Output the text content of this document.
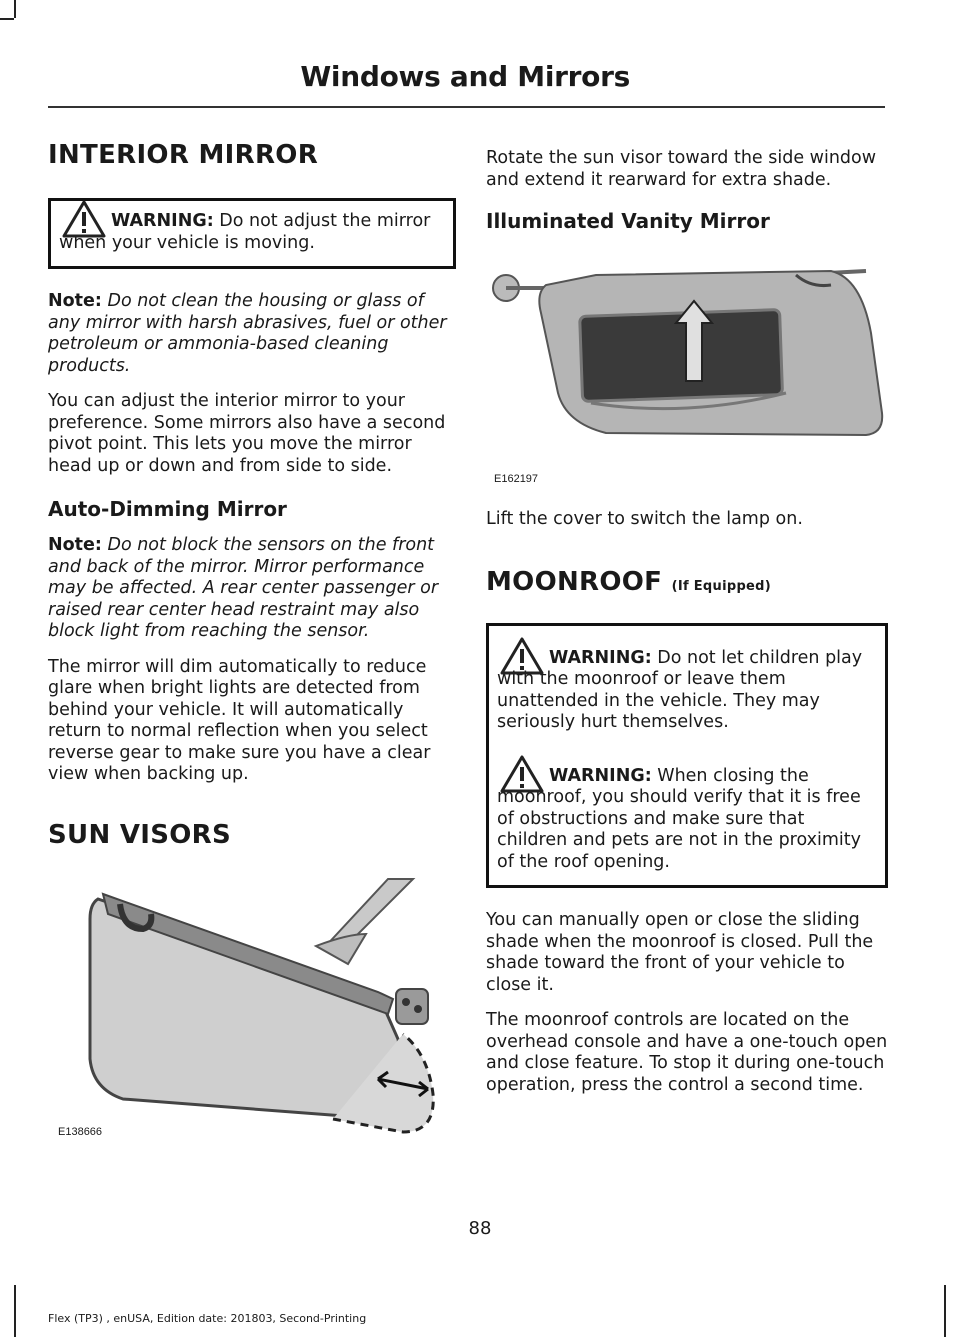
Windows and Mirrors
INTERIOR MIRROR

WARNING: Do not adjust the mirror when your vehicle is moving.

Note: Do not clean the housing or glass of any mirror with harsh abrasives, fuel or other petroleum or ammonia-based cleaning products.

You can adjust the interior mirror to your preference. Some mirrors also have a second pivot point. This lets you move the mirror head up or down and from side to side.

Auto-Dimming Mirror

Note: Do not block the sensors on the front and back of the mirror. Mirror performance may be affected. A rear center passenger or raised rear center head restraint may also block light from reaching the sensor.

The mirror will dim automatically to reduce glare when bright lights are detected from behind your vehicle. It will automatically return to normal reflection when you select reverse gear to make sure you have a clear view when backing up.

SUN VISORS
E138666

Rotate the sun visor toward the side window and extend it rearward for extra shade.

Illuminated Vanity Mirror
E162197

Lift the cover to switch the lamp on.

MOONROOF (If Equipped)

WARNING: Do not let children play with the moonroof or leave them unattended in the vehicle. They may seriously hurt themselves.

WARNING: When closing the moonroof, you should verify that it is free of obstructions and make sure that children and pets are not in the proximity of the roof opening.

You can manually open or close the sliding shade when the moonroof is closed. Pull the shade toward the front of your vehicle to close it.

The moonroof controls are located on the overhead console and have a one-touch open and close feature. To stop it during one-touch operation, press the control a second time.

88
Flex (TP3) , enUSA, Edition date: 201803, Second-Printing
